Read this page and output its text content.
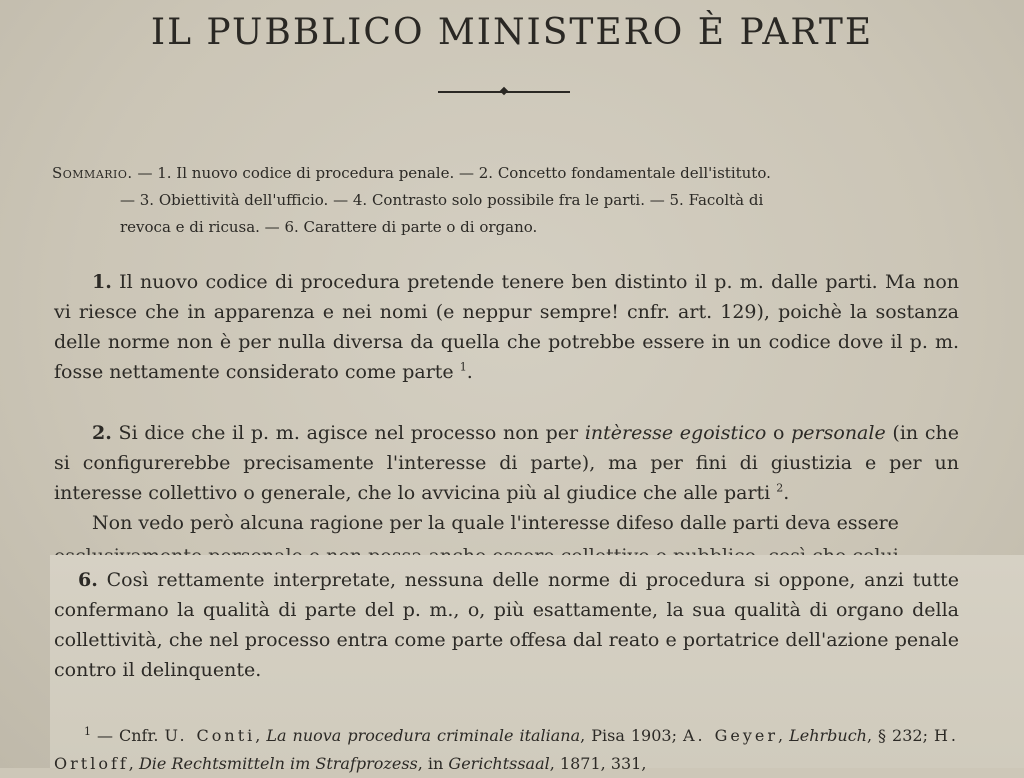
IL PUBBLICO MINISTERO È PARTE
Sommario. — 1. Il nuovo codice di procedura penale. — 2. Concetto fondamentale dell'istituto.
— 3. Obiettività dell'ufficio. — 4. Contrasto solo possibile fra le parti. — 5. Facoltà di
revoca e di ricusa. — 6. Carattere di parte o di organo.
1. Il nuovo codice di procedura pretende tenere ben distinto il p. m. dalle parti. Ma non vi riesce che in apparenza e nei nomi (e neppur sempre! cnfr. art. 129), poichè la sostanza delle norme non è per nulla diversa da quella che potrebbe essere in un codice dove il p. m. fosse nettamente considerato come parte $^1$.
2. Si dice che il p. m. agisce nel processo non per intèresse egoistico o personale (in che si configurerebbe precisamente l'interesse di parte), ma per fini di giustizia e per un interesse collettivo o generale, che lo avvicina più al giudice che alle parti $^2$.
Non vedo però alcuna ragione per la quale l'interesse difeso dalle parti deva essere
6. Così rettamente interpretate, nessuna delle norme di procedura si oppone, anzi tutte confermano la qualità di parte del p. m., o, più esattamente, la sua qualità di organo della collettività, che nel processo entra come parte offesa dal reato e portatrice dell'azione penale contro il delinquente.
$^1$ — Cnfr. U. Conti, La nuova procedura criminale italiana, Pisa 1903; A. Geyer, Lehrbuch, § 232; H. Ortloff, Die Rechtsmitteln im Strafprozess, in Gerichtssaal, 1871, 331,
